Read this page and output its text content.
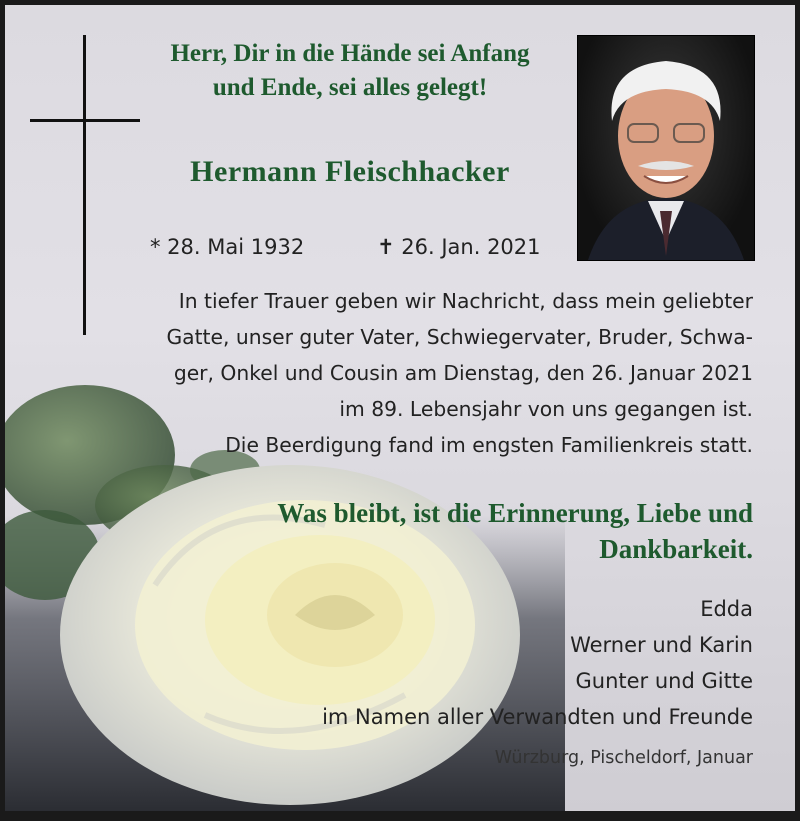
Herr, Dir in die Hände sei Anfang
und Ende, sei alles gelegt!
Hermann Fleischhacker
* 28. Mai 1932	✝ 26. Jan. 2021
In tiefer Trauer geben wir Nachricht, dass mein geliebter
Gatte, unser guter Vater, Schwiegervater, Bruder, Schwa-
ger, Onkel und Cousin am Dienstag, den 26. Januar 2021
im 89. Lebensjahr von uns gegangen ist.
Die Beerdigung fand im engsten Familienkreis statt.
Was bleibt, ist die Erinnerung, Liebe und
Dankbarkeit.
Edda
Werner und Karin
Gunter und Gitte
im Namen aller Verwandten und Freunde
Würzburg, Pischeldorf, Januar
